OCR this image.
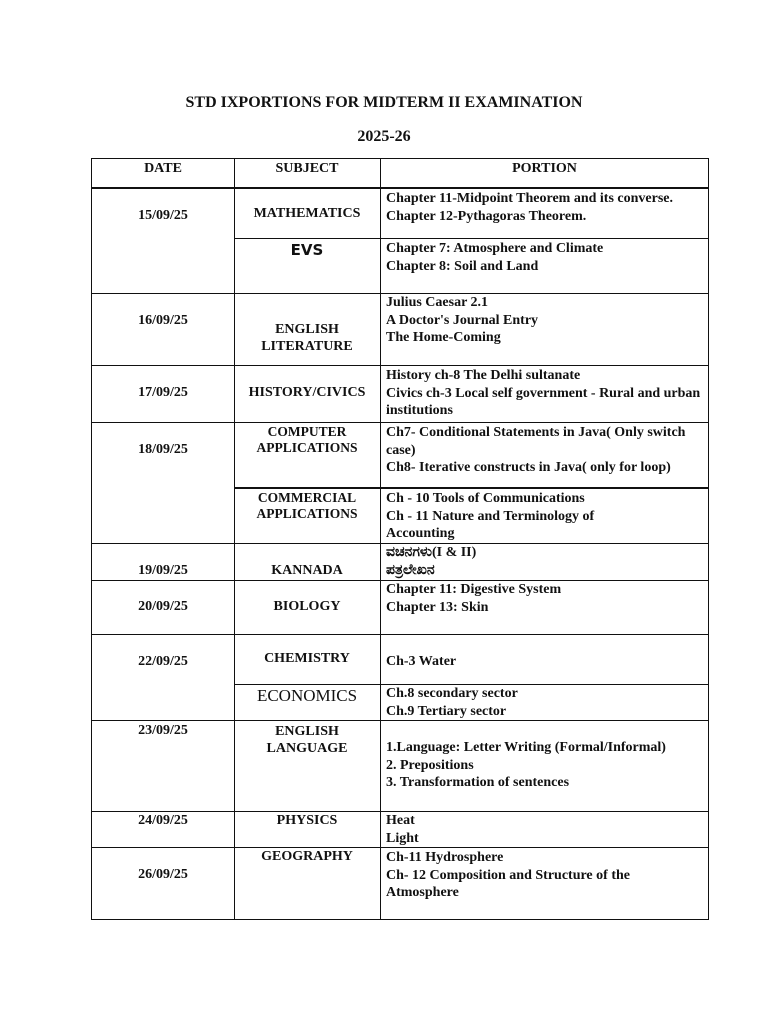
STD IXPORTIONS FOR MIDTERM II EXAMINATION
2025-26
DATE	SUBJECT	PORTION
15/09/25
16/09/25
17/09/25
18/09/25
19/09/25
20/09/25
22/09/25
23/09/25
24/09/25
26/09/25
MATHEMATICS
EVS
ENGLISH LITERATURE
HISTORY/CIVICS
COMPUTER APPLICATIONS
COMMERCIAL APPLICATIONS
KANNADA
BIOLOGY
CHEMISTRY
ECONOMICS
ENGLISH LANGUAGE
PHYSICS
GEOGRAPHY
Chapter 11-Midpoint Theorem and its converse.
Chapter 12-Pythagoras Theorem.
Chapter 7: Atmosphere and Climate
Chapter 8: Soil and Land
Julius Caesar 2.1
A Doctor's Journal Entry
The Home-Coming
History ch-8 The Delhi sultanate
Civics ch-3 Local self government - Rural and urban institutions
Ch7- Conditional Statements in Java( Only switch case)
Ch8- Iterative constructs in Java( only for loop)
Ch - 10 Tools of Communications
Ch - 11 Nature and Terminology of Accounting
ವಚನಗಳು(I & II)
ಪತ್ರಲೇಖನ
Chapter 11: Digestive System
Chapter 13: Skin
Ch-3 Water
Ch.8 secondary sector
Ch.9 Tertiary sector
1.Language: Letter Writing (Formal/Informal)
2. Prepositions
3. Transformation of sentences
Heat
Light
Ch-11 Hydrosphere
Ch- 12 Composition and Structure of the Atmosphere
